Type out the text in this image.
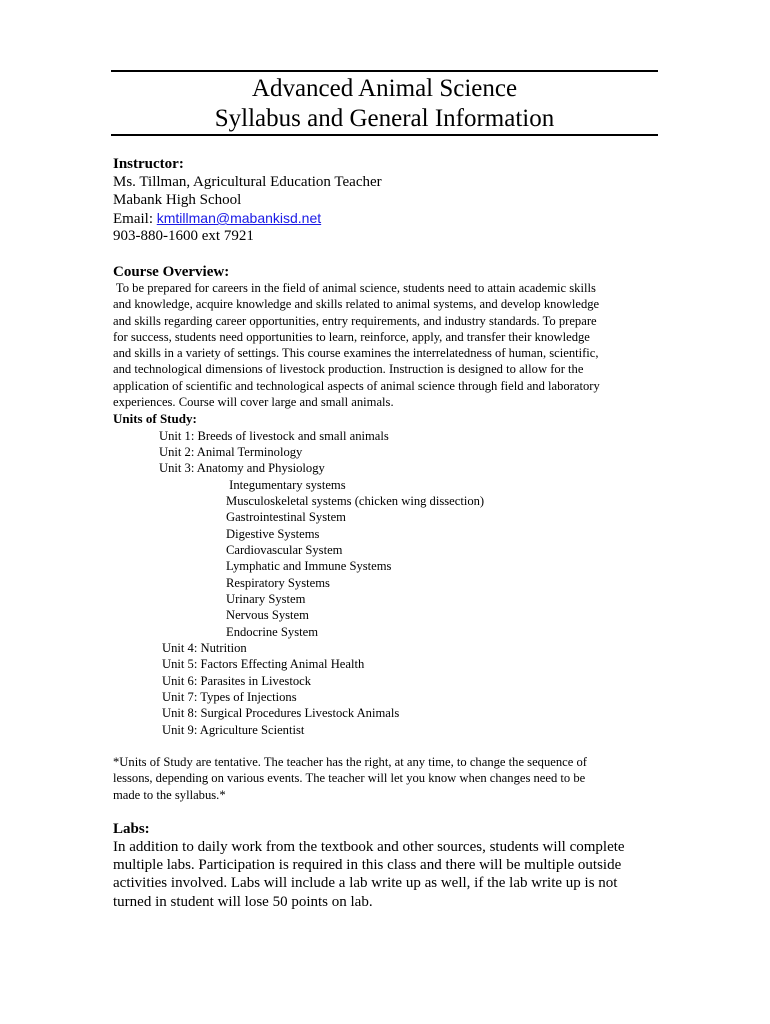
Advanced Animal Science
Syllabus and General Information
Instructor:
Ms. Tillman, Agricultural Education Teacher
Mabank High School
Email: kmtillman@mabankisd.net
903-880-1600 ext 7921
Course Overview:
To be prepared for careers in the field of animal science, students need to attain academic skills
and knowledge, acquire knowledge and skills related to animal systems, and develop knowledge
and skills regarding career opportunities, entry requirements, and industry standards. To prepare
for success, students need opportunities to learn, reinforce, apply, and transfer their knowledge
and skills in a variety of settings. This course examines the interrelatedness of human, scientific,
and technological dimensions of livestock production. Instruction is designed to allow for the
application of scientific and technological aspects of animal science through field and laboratory
experiences. Course will cover large and small animals.
Units of Study:
Unit 1: Breeds of livestock and small animals
Unit 2: Animal Terminology
Unit 3: Anatomy and Physiology
Integumentary systems
Musculoskeletal systems (chicken wing dissection)
Gastrointestinal System
Digestive Systems
Cardiovascular System
Lymphatic and Immune Systems
Respiratory Systems
Urinary System
Nervous System
Endocrine System
Unit 4: Nutrition
Unit 5: Factors Effecting Animal Health
Unit 6: Parasites in Livestock
Unit 7: Types of Injections
Unit 8: Surgical Procedures Livestock Animals
Unit 9: Agriculture Scientist
*Units of Study are tentative. The teacher has the right, at any time, to change the sequence of
lessons, depending on various events. The teacher will let you know when changes need to be
made to the syllabus.*
Labs:
In addition to daily work from the textbook and other sources, students will complete
multiple labs. Participation is required in this class and there will be multiple outside
activities involved. Labs will include a lab write up as well, if the lab write up is not
turned in student will lose 50 points on lab.
